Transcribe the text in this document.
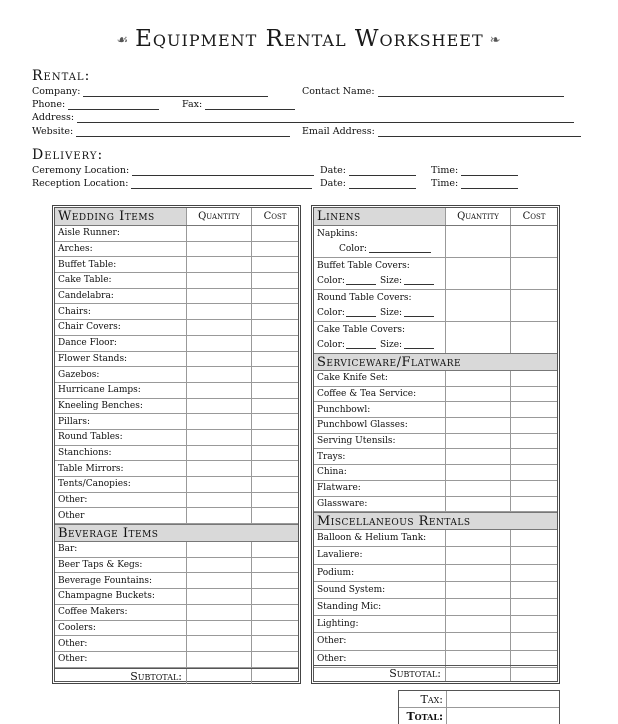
☙ Equipment Rental Worksheet ❧
Rental:
Company:	Contact Name:
Phone:	Fax:
Address:
Website:	Email Address:
Delivery:
Ceremony Location:	Date:	Time:
Reception Location:	Date:	Time:
Wedding Items	Quantity	Cost
Aisle Runner:
Arches:
Buffet Table:
Cake Table:
Candelabra:
Chairs:
Chair Covers:
Dance Floor:
Flower Stands:
Gazebos:
Hurricane Lamps:
Kneeling Benches:
Pillars:
Round Tables:
Stanchions:
Table Mirrors:
Tents/Canopies:
Other:
Other
Beverage Items
Bar:
Beer Taps & Kegs:
Beverage Fountains:
Champagne Buckets:
Coffee Makers:
Coolers:
Other:
Other:
Subtotal:
Linens	Quantity	Cost
Napkins:
Color:
Buffet Table Covers:
Color:	Size:
Round Table Covers:
Color:	Size:
Cake Table Covers:
Color:	Size:
Serviceware/Flatware
Cake Knife Set:
Coffee & Tea Service:
Punchbowl:
Punchbowl Glasses:
Serving Utensils:
Trays:
China:
Flatware:
Glassware:
Miscellaneous Rentals
Balloon & Helium Tank:
Lavaliere:
Podium:
Sound System:
Standing Mic:
Lighting:
Other:
Other:
Subtotal:
Tax:
Total:
